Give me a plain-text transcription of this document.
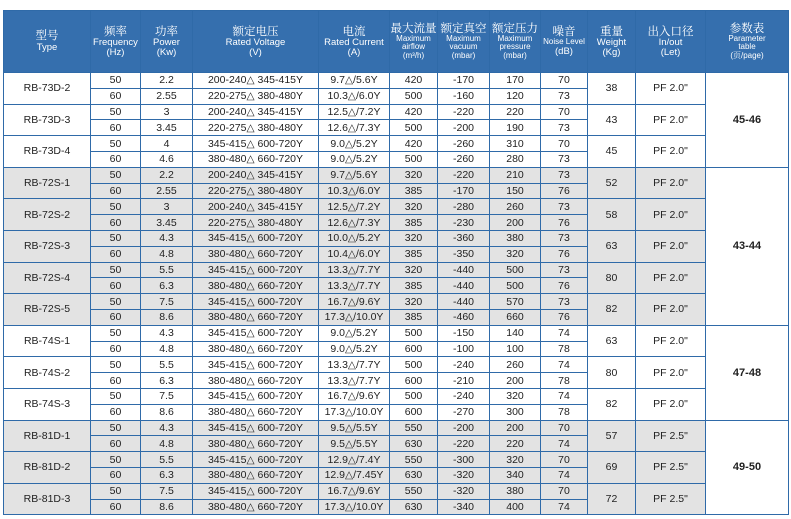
型号
Type	频率
Frequency
(Hz)	功率
Power
(Kw)	额定电压
Rated Voltage
(V)	电流
Rated Current
(A)	最大流量
Maximum
airflow
(m³/h)	额定真空
Maximum
vacuum
(mbar)	额定压力
Maximum
pressure
(mbar)	噪音
Noise Level
(dB)	重量
Weight
(Kg)	出入口径
In/out
(Let)	参数表
Parameter
table
(页/page)

RB-73D-2	50	2.2	200-240△ 345-415Y	9.7△/5.6Y	420	-170	170	70	38	PF 2.0"	45-46
	60	2.55	220-275△ 380-480Y	10.3△/6.0Y	500	-160	120	73			
RB-73D-3	50	3	200-240△ 345-415Y	12.5△/7.2Y	420	-220	220	70	43	PF 2.0"	
	60	3.45	220-275△ 380-480Y	12.6△/7.3Y	500	-200	190	73			
RB-73D-4	50	4	345-415△ 600-720Y	9.0△/5.2Y	420	-260	310	70	45	PF 2.0"	
	60	4.6	380-480△ 660-720Y	9.0△/5.2Y	500	-260	280	73			
RB-72S-1	50	2.2	200-240△ 345-415Y	9.7△/5.6Y	320	-220	210	73	52	PF 2.0"	43-44
	60	2.55	220-275△ 380-480Y	10.3△/6.0Y	385	-170	150	76			
RB-72S-2	50	3	200-240△ 345-415Y	12.5△/7.2Y	320	-280	260	73	58	PF 2.0"	
	60	3.45	220-275△ 380-480Y	12.6△/7.3Y	385	-230	200	76			
RB-72S-3	50	4.3	345-415△ 600-720Y	10.0△/5.2Y	320	-360	380	73	63	PF 2.0"	
	60	4.8	380-480△ 660-720Y	10.4△/6.0Y	385	-350	320	76			
RB-72S-4	50	5.5	345-415△ 600-720Y	13.3△/7.7Y	320	-440	500	73	80	PF 2.0"	
	60	6.3	380-480△ 660-720Y	13.3△/7.7Y	385	-440	500	76			
RB-72S-5	50	7.5	345-415△ 600-720Y	16.7△/9.6Y	320	-440	570	73	82	PF 2.0"	
	60	8.6	380-480△ 660-720Y	17.3△/10.0Y	385	-460	660	76			
RB-74S-1	50	4.3	345-415△ 600-720Y	9.0△/5.2Y	500	-150	140	74	63	PF 2.0"	47-48
	60	4.8	380-480△ 660-720Y	9.0△/5.2Y	600	-100	100	78			
RB-74S-2	50	5.5	345-415△ 600-720Y	13.3△/7.7Y	500	-240	260	74	80	PF 2.0"	
	60	6.3	380-480△ 660-720Y	13.3△/7.7Y	600	-210	200	78			
RB-74S-3	50	7.5	345-415△ 600-720Y	16.7△/9.6Y	500	-240	320	74	82	PF 2.0"	
	60	8.6	380-480△ 660-720Y	17.3△/10.0Y	600	-270	300	78			
RB-81D-1	50	4.3	345-415△ 600-720Y	9.5△/5.5Y	550	-200	200	70	57	PF 2.5"	49-50
	60	4.8	380-480△ 660-720Y	9.5△/5.5Y	630	-220	220	74			
RB-81D-2	50	5.5	345-415△ 600-720Y	12.9△/7.4Y	550	-300	320	70	69	PF 2.5"	
	60	6.3	380-480△ 660-720Y	12.9△/7.45Y	630	-320	340	74			
RB-81D-3	50	7.5	345-415△ 600-720Y	16.7△/9.6Y	550	-320	380	70	72	PF 2.5"	
	60	8.6	380-480△ 660-720Y	17.3△/10.0Y	630	-340	400	74			
